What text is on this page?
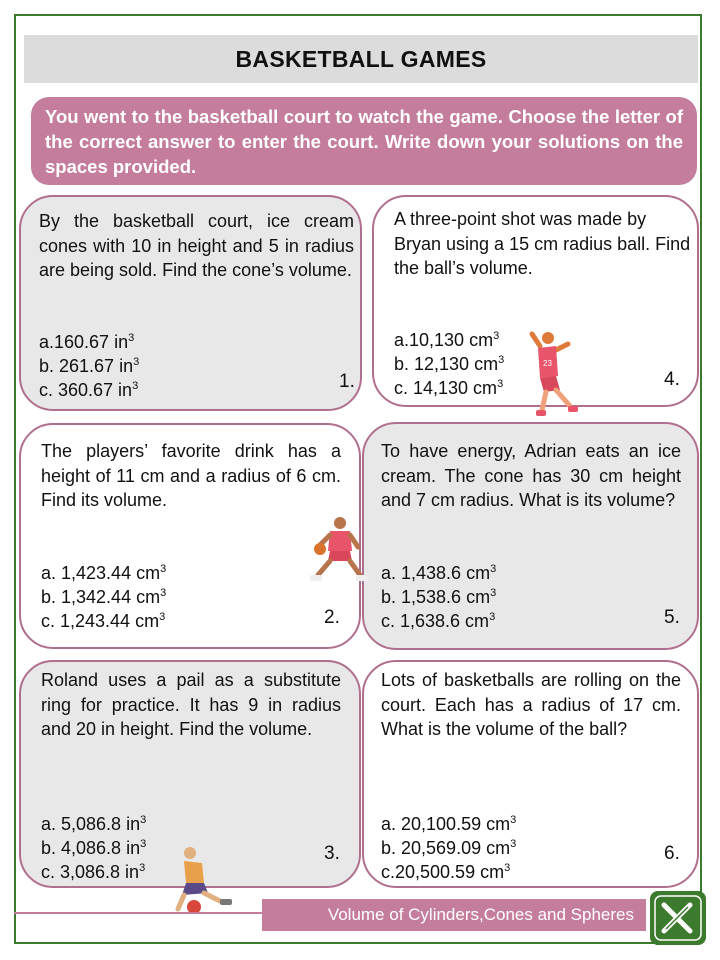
BASKETBALL GAMES
You went to the basketball court to watch the game. Choose the letter of the correct answer to enter the court. Write down your solutions on the spaces provided.
By the basketball court, ice cream cones with 10 in height and 5 in radius are being sold. Find the cone’s volume.
a.160.67 $in^3$
b. 261.67 $in^3$
c. 360.67 $in^3$	1.
A three-point shot was made by Bryan using a 15 cm radius ball. Find the ball’s volume.
a.10,130 $cm^3$
b. 12,130 $cm^3$
c. 14,130 $cm^3$	4.
The players’ favorite drink has a height of 11 cm and a radius of 6 cm. Find its volume.
a. 1,423.44 $cm^3$
b. 1,342.44 $cm^3$
c. 1,243.44 $cm^3$	2.
To have energy, Adrian eats an ice cream. The cone has 30 cm height and 7 cm radius. What is its volume?
a. 1,438.6 $cm^3$
b. 1,538.6 $cm^3$
c. 1,638.6 $cm^3$	5.
Roland uses a pail as a substitute ring for practice. It has 9 in radius and 20 in height. Find the volume.
a. 5,086.8 $in^3$
b. 4,086.8 $in^3$
c. 3,086.8 $in^3$
3.
Lots of basketballs are rolling on the court. Each has a radius of 17 cm. What is the volume of the ball?
a. 20,100.59 $cm^3$
b. 20,569.09 $cm^3$
c.20,500.59 $cm^3$
6.
23
Volume of Cylinders,Cones and Spheres
